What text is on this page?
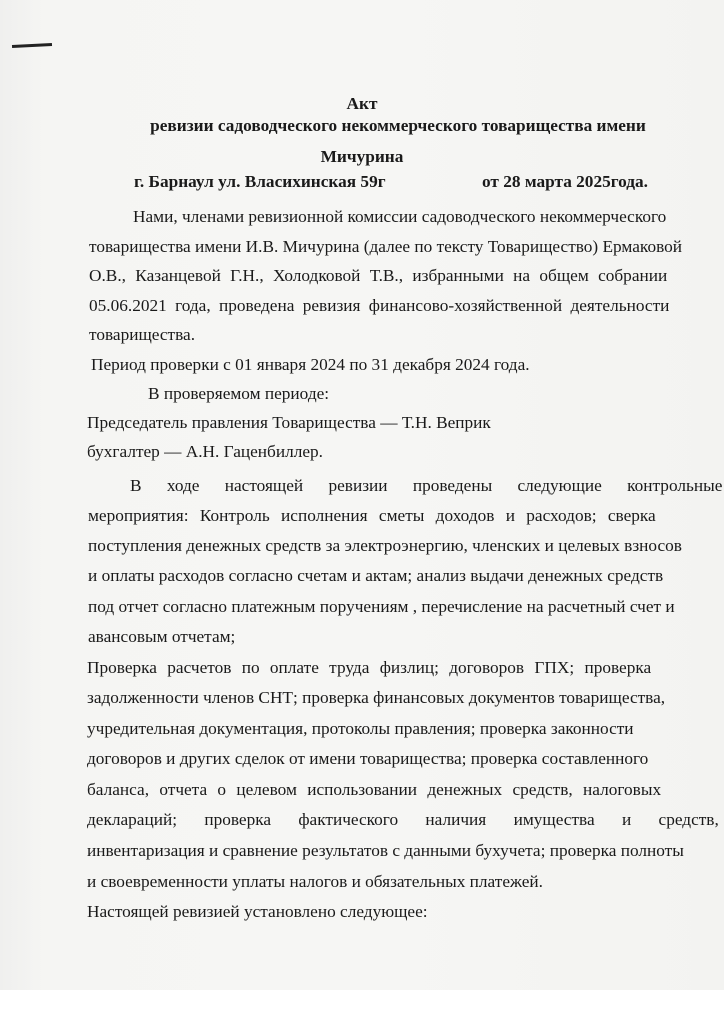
Акт
ревизии садоводческого некоммерческого товарищества имени
Мичурина
г. Барнаул ул. Власихинская 59г	от 28 марта 2025года.
Нами, членами ревизионной комиссии садоводческого некоммерческого
товарищества имени И.В. Мичурина (далее по тексту Товарищество) Ермаковой
О.В., Казанцевой Г.Н., Холодковой Т.В., избранными на общем собрании
05.06.2021 года, проведена ревизия финансово-хозяйственной деятельности
товарищества.
Период проверки с 01 января 2024 по 31 декабря 2024 года.
В проверяемом периоде:
Председатель правления Товарищества — Т.Н. Веприк
бухгалтер — А.Н. Гаценбиллер.
В ходе настоящей ревизии проведены следующие контрольные
мероприятия: Контроль исполнения сметы доходов и расходов; сверка
поступления денежных средств за электроэнергию, членских и целевых взносов
и оплаты расходов согласно счетам и актам; анализ выдачи денежных средств
под отчет согласно платежным поручениям , перечисление на расчетный счет и
авансовым отчетам;
Проверка расчетов по оплате труда физлиц; договоров ГПХ; проверка
задолженности членов СНТ; проверка финансовых документов товарищества,
учредительная документация, протоколы правления; проверка законности
договоров и других сделок от имени товарищества; проверка составленного
баланса, отчета о целевом использовании денежных средств, налоговых
деклараций; проверка фактического наличия имущества и средств,
инвентаризация и сравнение результатов с данными бухучета; проверка полноты
и своевременности уплаты налогов и обязательных платежей.
Настоящей ревизией установлено следующее:
